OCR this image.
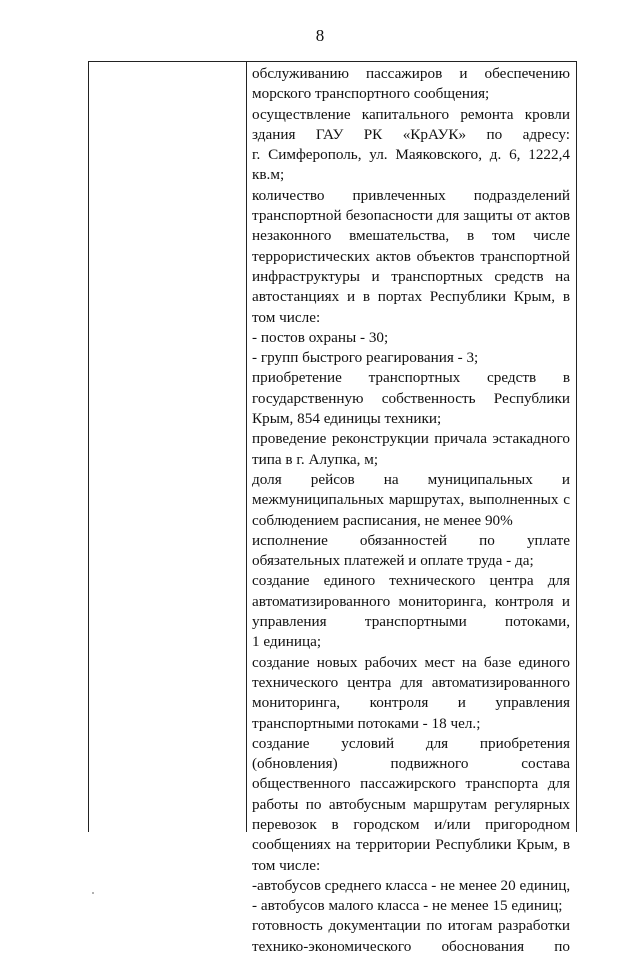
8
обслуживанию пассажиров и обеспечению
морского транспортного сообщения;
осуществление капитального ремонта кровли
здания ГАУ РК «КрАУК» по адресу:
г. Симферополь, ул. Маяковского, д. 6, 1222,4
кв.м;
количество привлеченных подразделений
транспортной безопасности для защиты от актов
незаконного вмешательства, в том числе
террористических актов объектов транспортной
инфраструктуры и транспортных средств на
автостанциях и в портах Республики Крым, в
том числе:
- постов охраны - 30;
- групп быстрого реагирования - 3;
приобретение транспортных средств в
государственную собственность Республики
Крым, 854 единицы техники;
проведение реконструкции причала эстакадного
типа в г. Алупка, м;
доля рейсов на муниципальных и
межмуниципальных маршрутах, выполненных с
соблюдением расписания, не менее 90%
исполнение обязанностей по уплате
обязательных платежей и оплате труда - да;
создание единого технического центра для
автоматизированного мониторинга, контроля и
управления транспортными потоками,
1 единица;
создание новых рабочих мест на базе единого
технического центра для автоматизированного
мониторинга, контроля и управления
транспортными потоками - 18 чел.;
создание условий для приобретения
(обновления) подвижного состава
общественного пассажирского транспорта для
работы по автобусным маршрутам регулярных
перевозок в городском и/или пригородном
сообщениях на территории Республики Крым, в
том числе:
-автобусов среднего класса - не менее 20 единиц,
- автобусов малого класса - не менее 15 единиц;
готовность документации по итогам разработки
технико-экономического обоснования по
